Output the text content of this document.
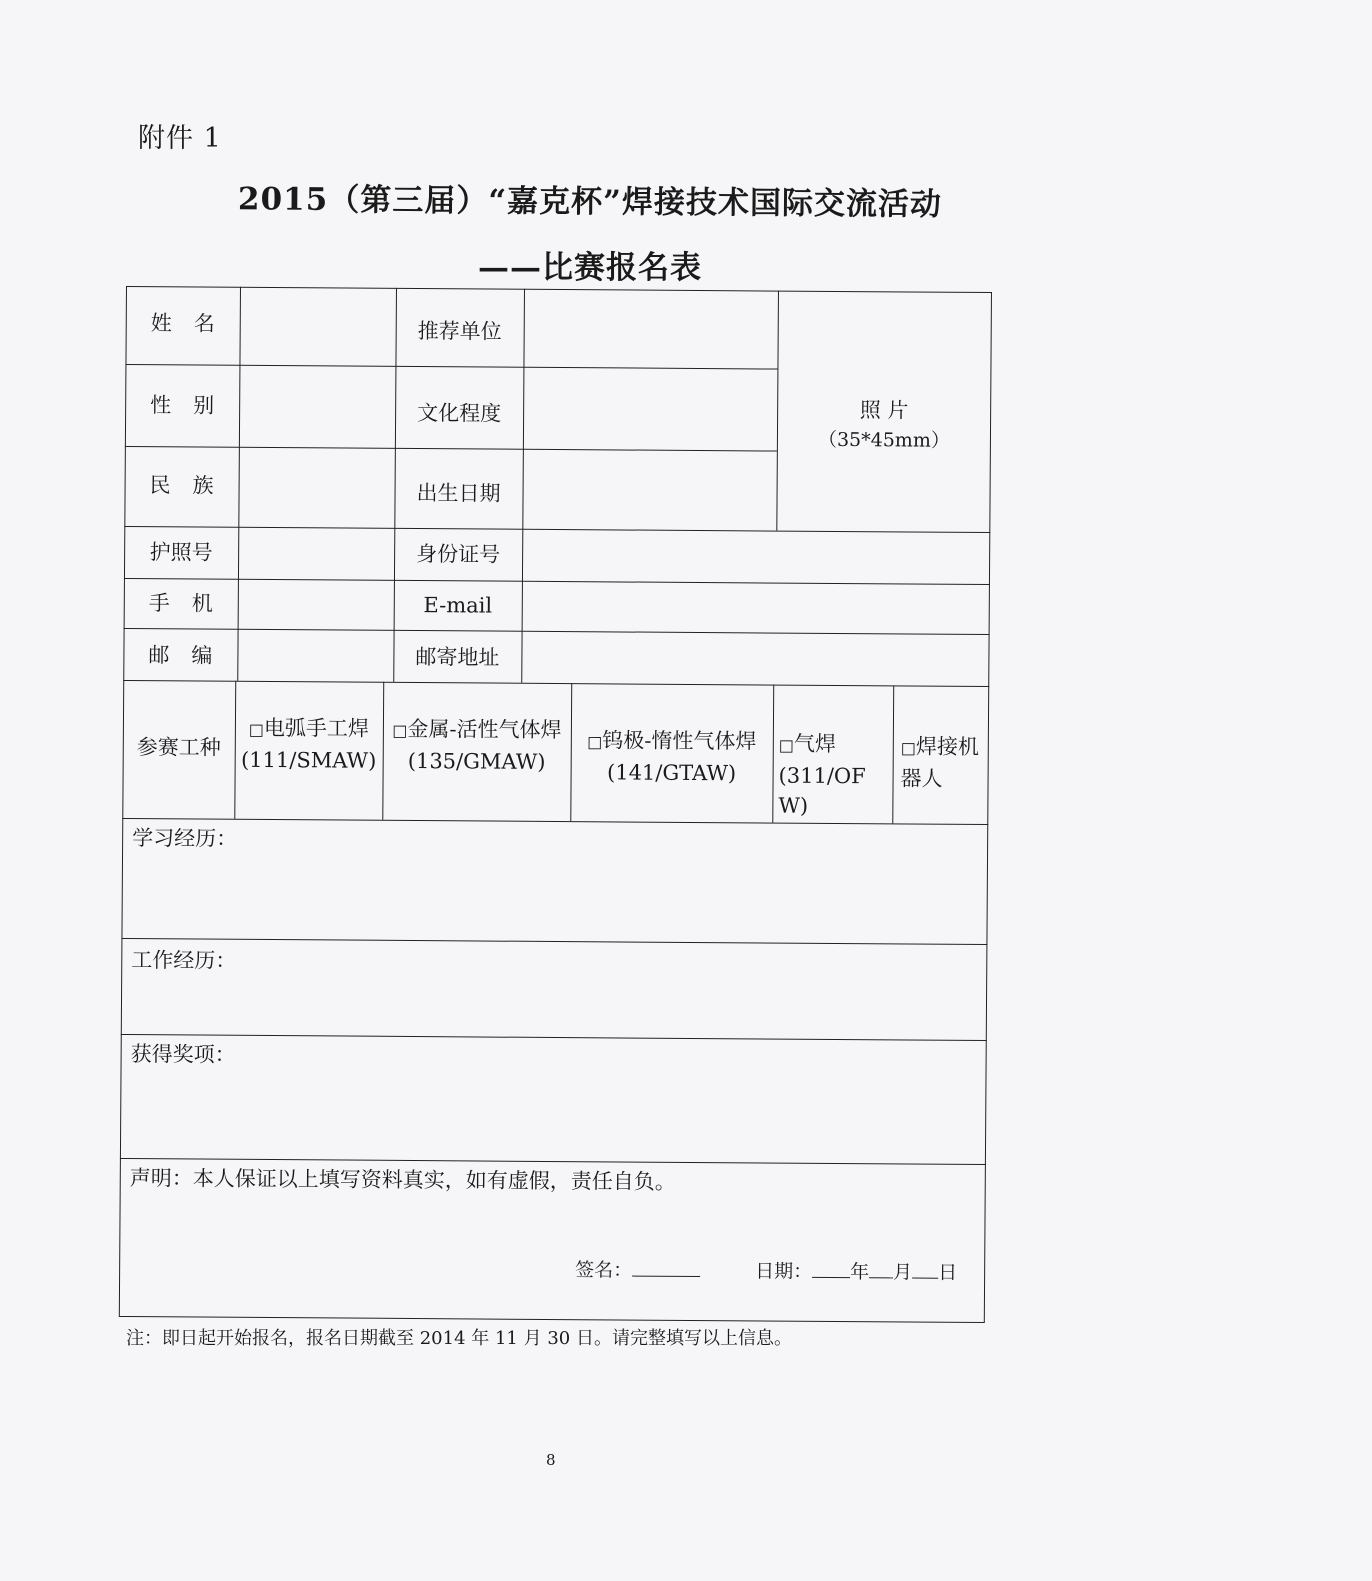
附件 1
2015（第三届）“嘉克杯”焊接技术国际交流活动
——比赛报名表
姓名
性别
民族
护照号
手机
邮编
推荐单位
文化程度
出生日期
身份证号
E-mail
邮寄地址
照 片
（35*45mm）
参赛工种
□电弧手工焊
(111/SMAW)
□金属-活性气体焊
(135/GMAW)
□钨极-惰性气体焊
(141/GTAW)
□气焊
(311/OFW)
□焊接机器人
学习经历：
工作经历：
获得奖项：
声明：本人保证以上填写资料真实，如有虚假，责任自负。
签名：	日期： 年 月 日
注：即日起开始报名，报名日期截至 2014 年 11 月 30 日。请完整填写以上信息。
8
